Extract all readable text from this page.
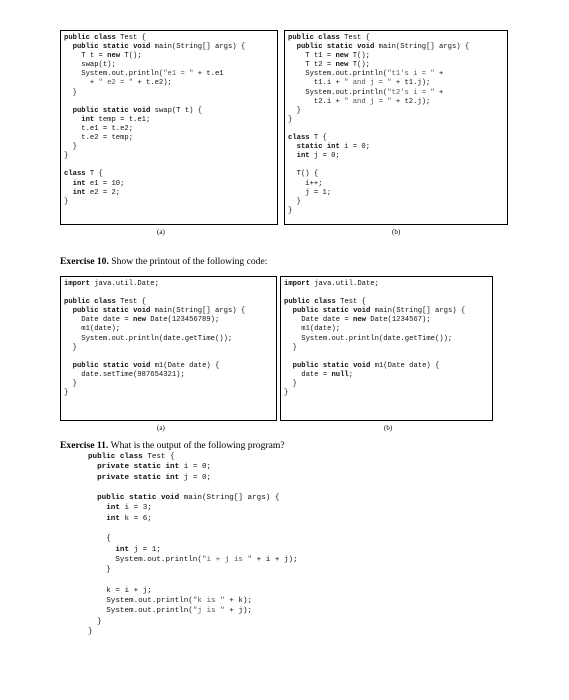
public class Test {
public static void main(String[] args) {
T t = new T();
swap(t);
System.out.println("e1 = " + t.e1
+ " e2 = " + t.e2);
}

public static void swap(T t) {
int temp = t.e1;
t.e1 = t.e2;
t.e2 = temp;
}
}

class T {
int e1 = 10;
int e2 = 2;
}

(a)
public class Test {
public static void main(String[] args) {
T t1 = new T();
T t2 = new T();
System.out.println("t1's i = " +
t1.i + " and j = " + t1.j);
System.out.println("t2's i = " +
t2.i + " and j = " + t2.j);
}
}

class T {
static int i = 0;
int j = 0;

T() {
i++;
j = 1;
}
}

(b)
Exercise 10. Show the printout of the following code:
import java.util.Date;

public class Test {
public static void main(String[] args) {
Date date = new Date(123456789);
m1(date);
System.out.println(date.getTime());
}

public static void m1(Date date) {
date.setTime(987654321);
}
}

(a)
import java.util.Date;

public class Test {
public static void main(String[] args) {
Date date = new Date(1234567);
m1(date);
System.out.println(date.getTime());
}

public static void m1(Date date) {
date = null;
}
}

(b)
Exercise 11. What is the output of the following program?
public class Test {
private static int i = 0;
private static int j = 0;

public static void main(String[] args) {
int i = 3;
int k = 6;

{
int j = 1;
System.out.println("i + j is " + i + j);
}

k = i + j;
System.out.println("k is " + k);
System.out.println("j is " + j);
}
}
